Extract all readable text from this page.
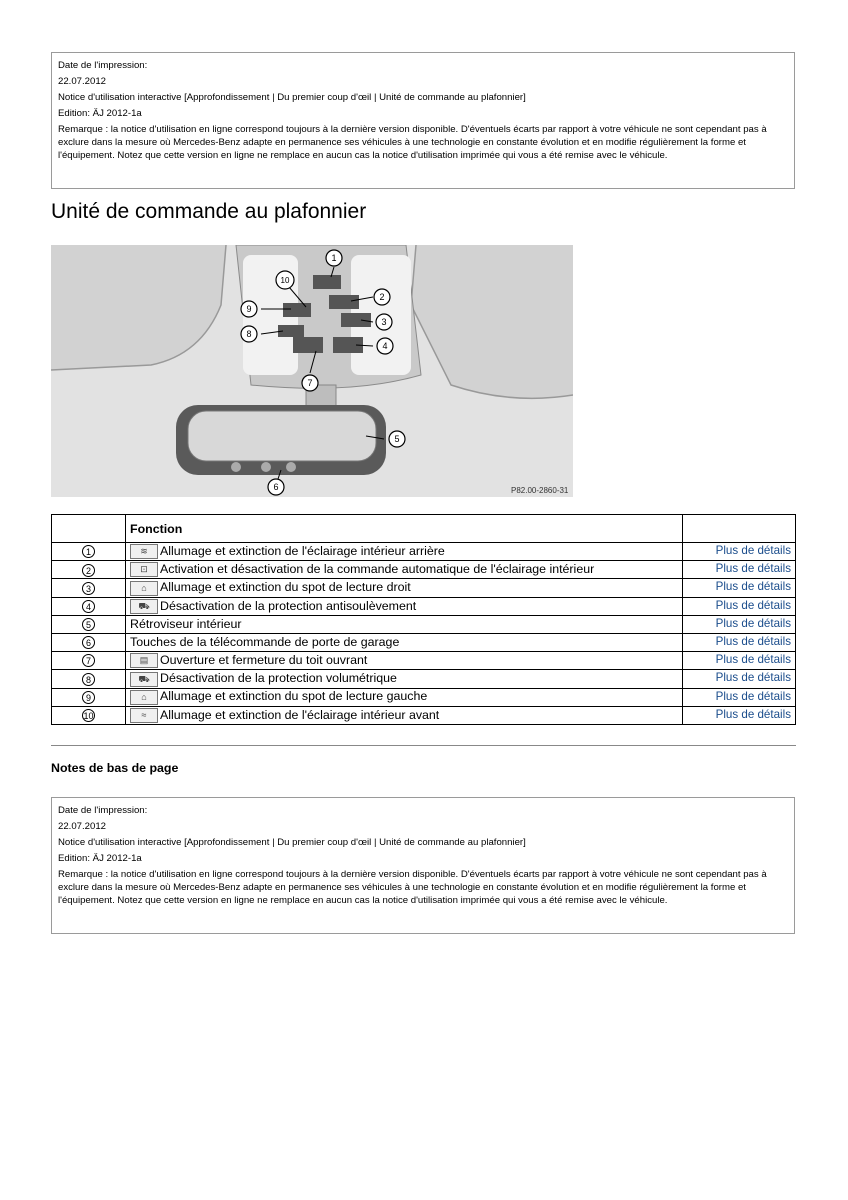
Date de l'impression:
22.07.2012
Notice d'utilisation interactive [Approfondissement | Du premier coup d'œil | Unité de commande au plafonnier]
Edition: ÄJ 2012-1a
Remarque : la notice d'utilisation en ligne correspond toujours à la dernière version disponible. D'éventuels écarts par rapport à votre véhicule ne sont cependant pas à exclure dans la mesure où Mercedes-Benz adapte en permanence ses véhicules à une technologie en constante évolution et en modifie régulièrement la forme et l'équipement. Notez que cette version en ligne ne remplace en aucun cas la notice d'utilisation imprimée qui vous a été remise avec le véhicule.
Unité de commande au plafonnier
1
2
3
4
5
6
7
8
9
10
P82.00-2860-31
	Fonction	
1	≋ Allumage et extinction de l'éclairage intérieur arrière	Plus de détails
2	⊡ Activation et désactivation de la commande automatique de l'éclairage intérieur	Plus de détails
3	⌂ Allumage et extinction du spot de lecture droit	Plus de détails
4	⛟ Désactivation de la protection antisoulèvement	Plus de détails
5	Rétroviseur intérieur	Plus de détails
6	Touches de la télécommande de porte de garage	Plus de détails
7	▤ Ouverture et fermeture du toit ouvrant	Plus de détails
8	⛟ Désactivation de la protection volumétrique	Plus de détails
9	⌂ Allumage et extinction du spot de lecture gauche	Plus de détails
10	≈ Allumage et extinction de l'éclairage intérieur avant	Plus de détails
Notes de bas de page
Date de l'impression:
22.07.2012
Notice d'utilisation interactive [Approfondissement | Du premier coup d'œil | Unité de commande au plafonnier]
Edition: ÄJ 2012-1a
Remarque : la notice d'utilisation en ligne correspond toujours à la dernière version disponible. D'éventuels écarts par rapport à votre véhicule ne sont cependant pas à exclure dans la mesure où Mercedes-Benz adapte en permanence ses véhicules à une technologie en constante évolution et en modifie régulièrement la forme et l'équipement. Notez que cette version en ligne ne remplace en aucun cas la notice d'utilisation imprimée qui vous a été remise avec le véhicule.
